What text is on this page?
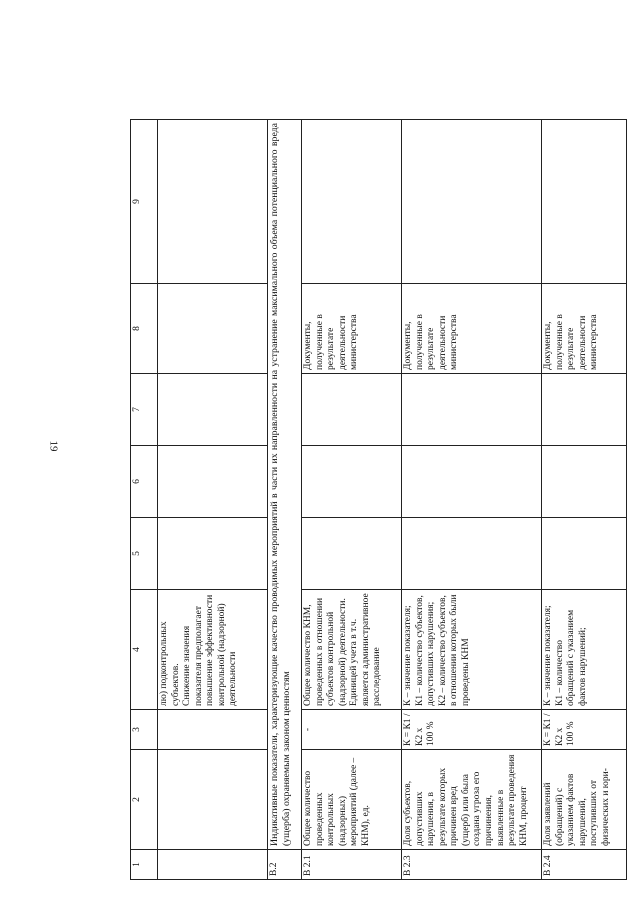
19
1	2	3	4	5	6	7	8	9
			лю) подконтрольных субъектов.
Снижение значения показателя предполагает повышение эффективности контрольной (надзорной) деятельности					
В.2	Индикативные показатели, характеризующие качество проводимых мероприятий в части их направленности на устранение максимального объема потенциального вреда (ущерба) охраняемым законом ценностям							
В 2.1	Общее количество проведенных контрольных (надзорных) мероприятий (далее – КНМ), ед.	-	Общее количество КНМ, проведенных в отношении субъектов контрольной (надзорной) деятельности. Единицей учета в т.ч. является административное расследование				Документы, полученные в результате деятельности министерства	
В 2.3	Доля субъектов, допустивших нарушения, в результате которых причинен вред (ущерб) или была создана угроза его причинения, выявленные в результате проведения КНМ, процент	К = К1 / К2 x 100 %	К – значение показателя;
К1 – количество субъектов, допустивших нарушения;
К2 – количество субъектов, в отношении которых были проведены КНМ				Документы, полученные в результате деятельности министерства	
В 2.4	Доля заявлений (обращений) с указанием фактов нарушений, поступивших от физических и юри-	К = К1 / К2 x 100 %	К – значение показателя;
К1 – количество обращений с указанием фактов нарушений;				Документы, полученные в результате деятельности министерства	
